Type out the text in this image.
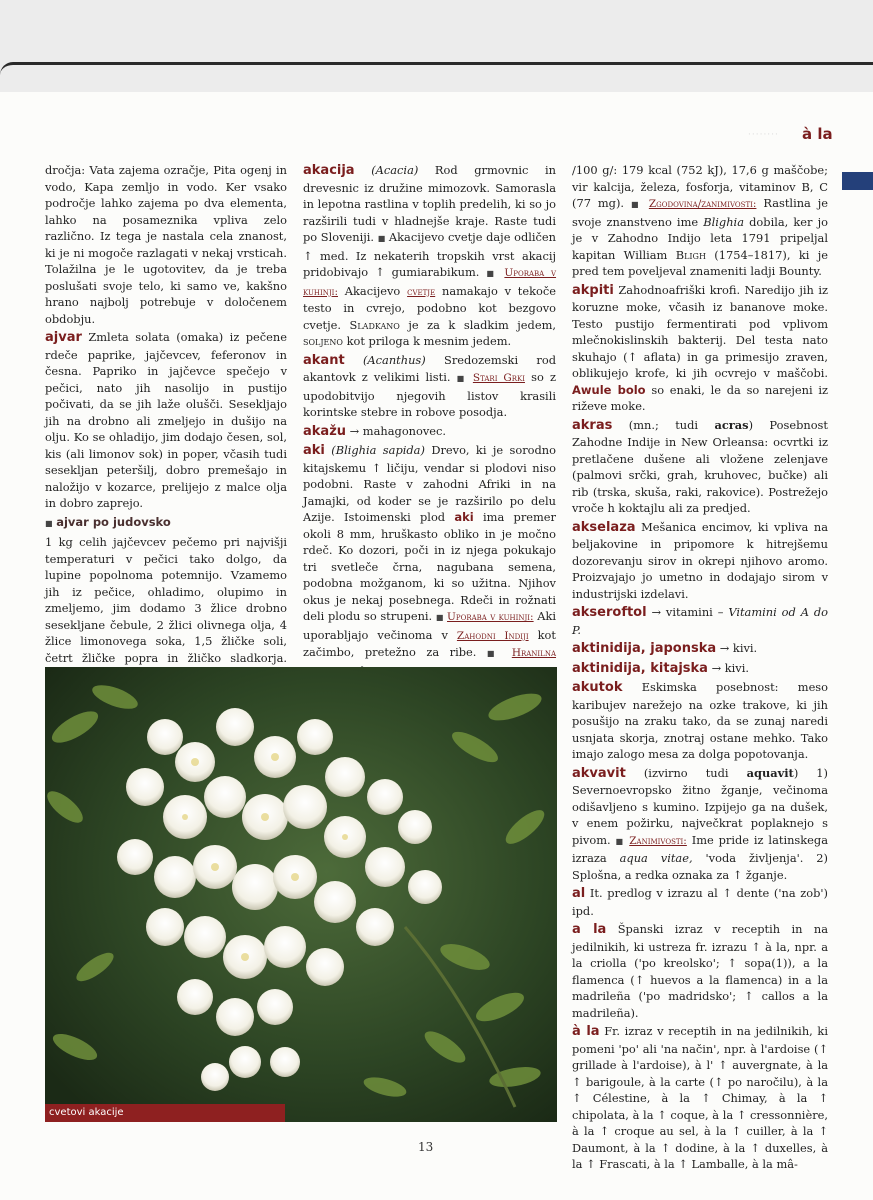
········ à la

dročja: Vata zajema ozračje, Pita ogenj in vodo, Kapa zemljo in vodo. Ker vsako področje lahko zajema po dva elementa, lahko na posameznika vpliva zelo različno. Iz tega je nastala cela znanost, ki je ni mogoče razlagati v nekaj vrsticah. Tolažilna je le ugotovitev, da je treba poslušati svoje telo, ki samo ve, kakšno hrano najbolj potrebuje v določenem obdobju.

ajvar Zmleta solata (omaka) iz pečene rdeče paprike, jajčevcev, feferonov in česna. Papriko in jajčevce spečejo v pečici, nato jih nasolijo in pustijo počivati, da se jih laže olušči. Sesekljajo jih na drobno ali zmeljejo in dušijo na olju. Ko se ohladijo, jim dodajo česen, sol, kis (ali limonov sok) in poper, včasih tudi sesekljan peteršilj, dobro premešajo in naložijo v kozarce, prelijejo z malce olja in dobro zaprejo.

■ ajvar po judovsko

1 kg celih jajčevcev pečemo pri najvišji temperaturi v pečici tako dolgo, da lupine popolnoma potemnijo. Vzamemo jih iz pečice, ohladimo, olupimo in zmeljemo, jim dodamo 3 žlice drobno sesekljane čebule, 2 žlici olivnega olja, 4 žlice limonovega soka, 1,5 žličke soli, četrt žličke popra in žličko sladkorja.

akacija (Acacia) Rod grmovnic in drevesnic iz družine mimozovk. Samorasla in lepotna rastlina v toplih predelih, ki so jo razširili tudi v hladnejše kraje. Raste tudi po Sloveniji. ■ Akacijevo cvetje daje odličen ↑ med. Iz nekaterih tropskih vrst akacij pridobivajo ↑ gumiarabikum. ■ Uporaba v kuhinji: Akacijevo cvetje namakajo v tekoče testo in cvrejo, podobno kot bezgovo cvetje. Sladkano je za k sladkim jedem, soljeno kot priloga k mesnim jedem.

akant (Acanthus) Sredozemski rod akantovk z velikimi listi. ■ Stari Grki so z upodobitvijo njegovih listov krasili korintske stebre in robove posodja.

akažu → mahagonovec.

aki (Blighia sapida) Drevo, ki je sorodno kitajskemu ↑ ličiju, vendar si plodovi niso podobni. Raste v zahodni Afriki in na Jamajki, od koder se je razširilo po delu Azije. Istoimenski plod aki ima premer okoli 8 mm, hruškasto obliko in je močno rdeč. Ko dozori, poči in iz njega pokukajo tri svetleče črna, nagubana semena, podobna možganom, ki so užitna. Njihov okus je nekaj posebnega. Rdeči in rožnati deli plodu so strupeni. ■ Uporaba v kuhinji: Aki uporabljajo večinoma v Zahodni Indiji kot začimbo, pretežno za ribe. ■ Hranilna

/100 g/: 179 kcal (752 kJ), 17,6 g maščobe; vir kalcija, železa, fosforja, vitaminov B, C (77 mg). ■ Zgodovina/zanimivosti: Rastlina je svoje znanstveno ime Blighia dobila, ker jo je v Zahodno Indijo leta 1791 pripeljal kapitan William Bligh (1754–1817), ki je pred tem poveljeval znameniti ladji Bounty.

akpiti Zahodnoafriški krofi. Naredijo jih iz koruzne moke, včasih iz bananove moke. Testo pustijo fermentirati pod vplivom mlečnokislinskih bakterij. Del testa nato skuhajo (↑ aflata) in ga primesijo zraven, oblikujejo krofe, ki jih ocvrejo v maščobi. Awule bolo so enaki, le da so narejeni iz riževe moke.

akras (mn.; tudi acras) Posebnost Zahodne Indije in New Orleansa: ocvrtki iz pretlačene dušene ali vložene zelenjave (palmovi srčki, grah, kruhovec, bučke) ali rib (trska, skuša, raki, rakovice). Postrežejo vroče h koktajlu ali za predjed.

akselaza Mešanica encimov, ki vpliva na beljakovine in pripomore k hitrejšemu dozorevanju sirov in okrepi njihovo aromo. Proizvajajo jo umetno in dodajajo sirom v industrijski izdelavi.

akseroftol → vitamini – Vitamini od A do P.

aktinidija, japonska → kivi.

aktinidija, kitajska → kivi.

akutok Eskimska posebnost: meso karibujev narežejo na ozke trakove, ki jih posušijo na zraku tako, da se zunaj naredi usnjata skorja, znotraj ostane mehko. Tako imajo zalogo mesa za dolga popotovanja.

akvavit (izvirno tudi aquavit) 1) Severnoevropsko žitno žganje, večinoma odišavljeno s kumino. Izpijejo ga na dušek, v enem požirku, največkrat poplaknejo s pivom. ■ Zanimivosti: Ime pride iz latinskega izraza aqua vitae, 'voda življenja'. 2) Splošna, a redka oznaka za ↑ žganje.

al It. predlog v izrazu al ↑ dente ('na zob') ipd.

a la Španski izraz v receptih in na jedilnikih, ki ustreza fr. izrazu ↑ à la, npr. a la criolla ('po kreolsko'; ↑ sopa(1)), a la flamenca (↑ huevos a la flamenca) in a la madrileña ('po madridsko'; ↑ callos a la madrileña).

à la Fr. izraz v receptih in na jedilnikih, ki pomeni 'po' ali 'na način', npr. à l'ardoise (↑ grillade à l'ardoise), à l' ↑ auvergnate, à la ↑ barigoule, à la carte (↑ po naročilu), à la ↑ Célestine, à la ↑ Chimay, à la ↑ chipolata, à la ↑ coque, à la ↑ cressonnière, à la ↑ croque au sel, à la ↑ cuiller, à la ↑ Daumont, à la ↑ dodine, à la ↑ duxelles, à la ↑ Frascati, à la ↑ Lamballe, à la mâ-

cvetovi akacije
13
